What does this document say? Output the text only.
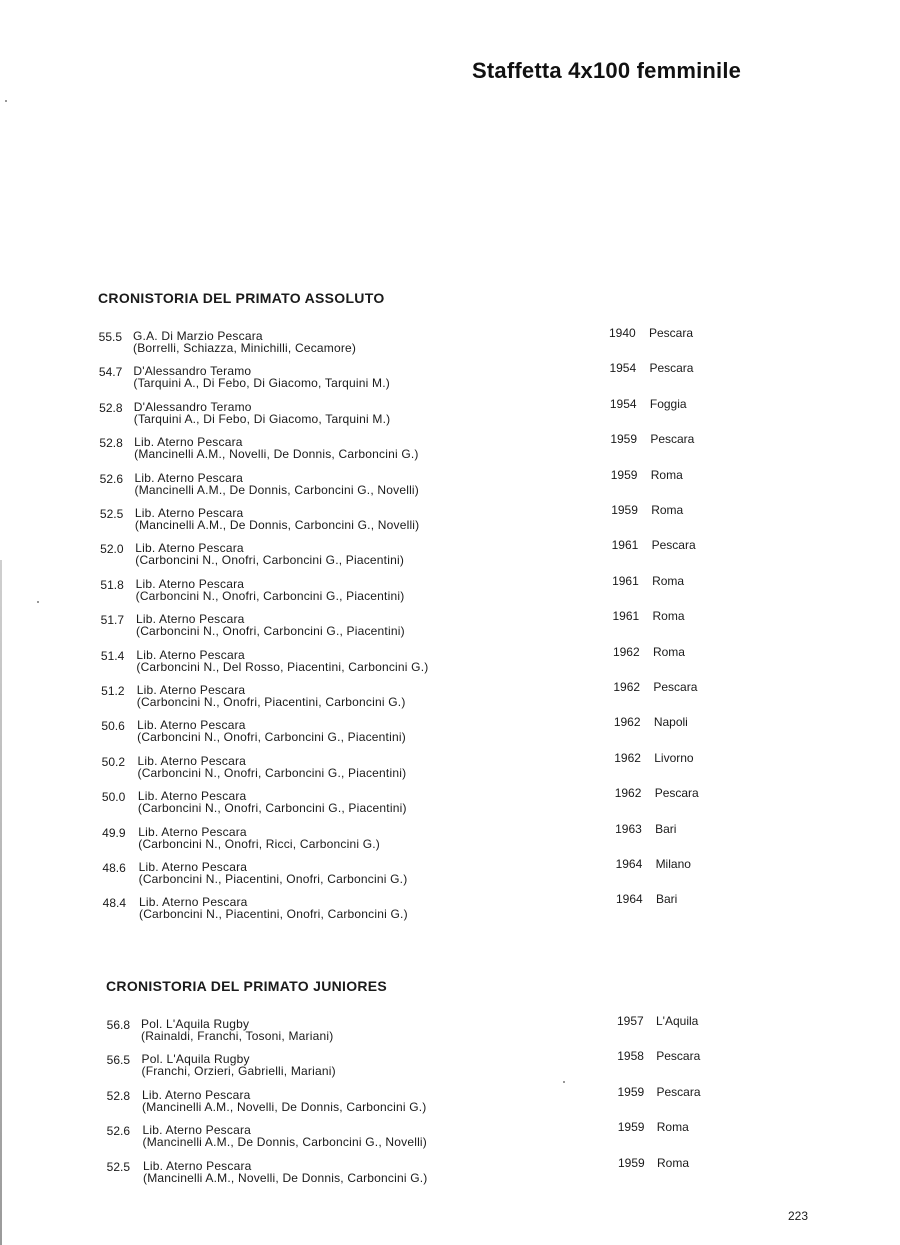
Staffetta 4x100 femminile
CRONISTORIA DEL PRIMATO ASSOLUTO
55.5 G.A. Di Marzio Pescara
(Borrelli, Schiazza, Minichilli, Cecamore)
1940 Pescara
54.7 D'Alessandro Teramo
(Tarquini A., Di Febo, Di Giacomo, Tarquini M.)
1954 Pescara
52.8 D'Alessandro Teramo
(Tarquini A., Di Febo, Di Giacomo, Tarquini M.)
1954 Foggia
52.8 Lib. Aterno Pescara
(Mancinelli A.M., Novelli, De Donnis, Carboncini G.)
1959 Pescara
52.6 Lib. Aterno Pescara
(Mancinelli A.M., De Donnis, Carboncini G., Novelli)
1959 Roma
52.5 Lib. Aterno Pescara
(Mancinelli A.M., De Donnis, Carboncini G., Novelli)
1959 Roma
52.0 Lib. Aterno Pescara
(Carboncini N., Onofri, Carboncini G., Piacentini)
1961 Pescara
51.8 Lib. Aterno Pescara
(Carboncini N., Onofri, Carboncini G., Piacentini)
1961 Roma
51.7 Lib. Aterno Pescara
(Carboncini N., Onofri, Carboncini G., Piacentini)
1961 Roma
51.4 Lib. Aterno Pescara
(Carboncini N., Del Rosso, Piacentini, Carboncini G.)
1962 Roma
51.2 Lib. Aterno Pescara
(Carboncini N., Onofri, Piacentini, Carboncini G.)
1962 Pescara
50.6 Lib. Aterno Pescara
(Carboncini N., Onofri, Carboncini G., Piacentini)
1962 Napoli
50.2 Lib. Aterno Pescara
(Carboncini N., Onofri, Carboncini G., Piacentini)
1962 Livorno
50.0 Lib. Aterno Pescara
(Carboncini N., Onofri, Carboncini G., Piacentini)
1962 Pescara
49.9 Lib. Aterno Pescara
(Carboncini N., Onofri, Ricci, Carboncini G.)
1963 Bari
48.6 Lib. Aterno Pescara
(Carboncini N., Piacentini, Onofri, Carboncini G.)
1964 Milano
48.4 Lib. Aterno Pescara
(Carboncini N., Piacentini, Onofri, Carboncini G.)
1964 Bari
CRONISTORIA DEL PRIMATO JUNIORES
56.8 Pol. L'Aquila Rugby
(Rainaldi, Franchi, Tosoni, Mariani)
1957 L'Aquila
56.5 Pol. L'Aquila Rugby
(Franchi, Orzieri, Gabrielli, Mariani)
1958 Pescara
52.8 Lib. Aterno Pescara
(Mancinelli A.M., Novelli, De Donnis, Carboncini G.)
1959 Pescara
52.6 Lib. Aterno Pescara
(Mancinelli A.M., De Donnis, Carboncini G., Novelli)
1959 Roma
52.5 Lib. Aterno Pescara
(Mancinelli A.M., Novelli, De Donnis, Carboncini G.)
1959 Roma
223
